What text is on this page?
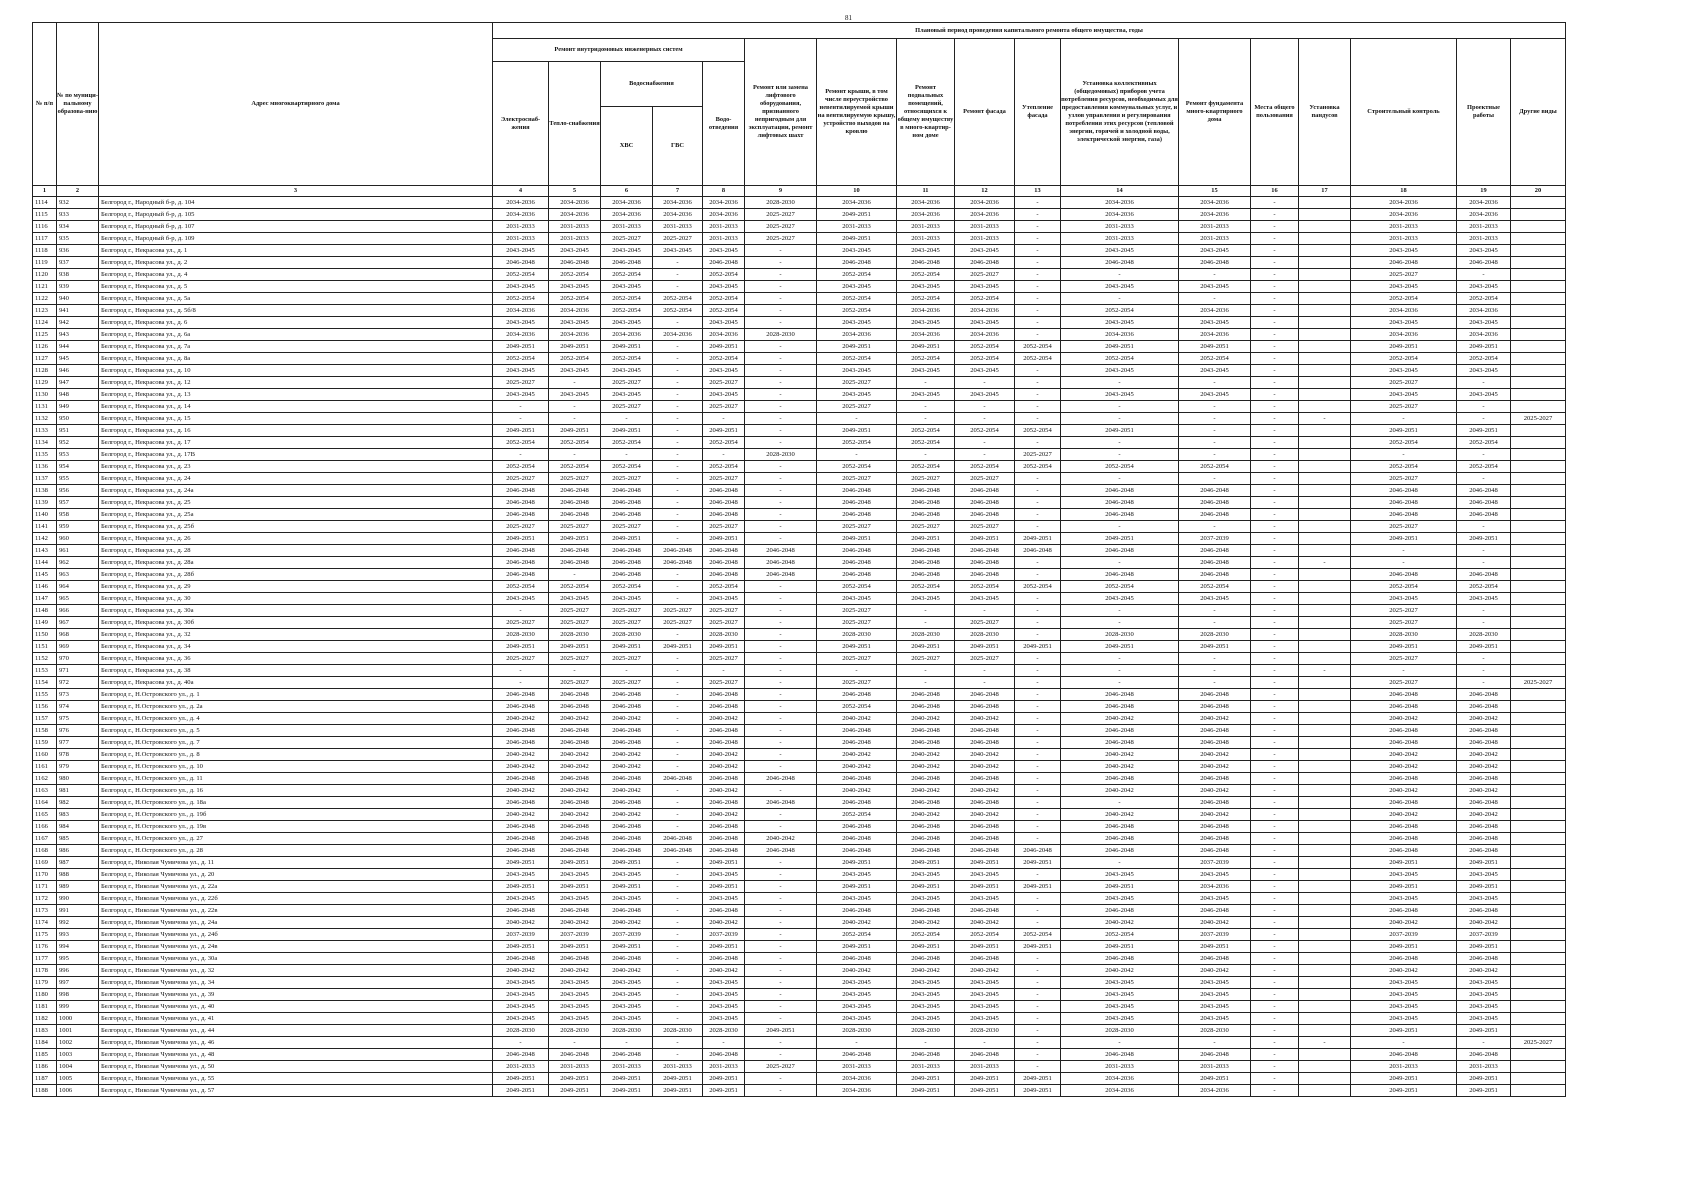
81
№ п/п	№ по муници-пальному образова-нию	Адрес многоквартирного дома	Плановый период проведения капитального ремонта общего имущества, годы																
			Ремонт внутридомовых инженерных систем					Ремонт или замена лифтового оборудования, признанного непригодным для эксплуатации, ремонт лифтовых шахт	Ремонт крыши, в том числе переустройство невентилируемой крыши на вентилируемую крышу, устройство выходов на кровлю	Ремонт подвальных помещений, относящихся к общему имуществу в много-квартир-ном доме	Ремонт фасада	Утепление фасада	Установка коллективных (общедомовых) приборов учета потребления ресурсов, необходимых для предоставления коммунальных услуг, и узлов управления и регулирования потребления этих ресурсов (тепловой энергии, горячей и холодной воды, электрической энергии, газа)	Ремонт фундамента много-квартирного дома	Места общего пользования	Установка пандусов	Строительный контроль	Проектные работы	Другие виды
			Электроснаб-жения	Тепло-снабжения	Водоснабжения		Водо-отведения												
					ХВС	ГВС													
1	2	3	4	5	6	7	8	9	10	11	12	13	14	15	16	17	18	19	20
1114	932	Белгород г., Народный б-р, д. 104	2034-2036	2034-2036	2034-2036	2034-2036	2034-2036	2028-2030	2034-2036	2034-2036	2034-2036	-	2034-2036	2034-2036	-		2034-2036	2034-2036	
1115	933	Белгород г., Народный б-р, д. 105	2034-2036	2034-2036	2034-2036	2034-2036	2034-2036	2025-2027	2049-2051	2034-2036	2034-2036	-	2034-2036	2034-2036	-		2034-2036	2034-2036	
1116	934	Белгород г., Народный б-р, д. 107	2031-2033	2031-2033	2031-2033	2031-2033	2031-2033	2025-2027	2031-2033	2031-2033	2031-2033	-	2031-2033	2031-2033	-		2031-2033	2031-2033	
1117	935	Белгород г., Народный б-р, д. 109	2031-2033	2031-2033	2025-2027	2025-2027	2031-2033	2025-2027	2049-2051	2031-2033	2031-2033	-	2031-2033	2031-2033	-		2031-2033	2031-2033	
1118	936	Белгород г., Некрасова ул., д. 1	2043-2045	2043-2045	2043-2045	2043-2045	2043-2045	-	2043-2045	2043-2045	2043-2045	-	2043-2045	2043-2045	-		2043-2045	2043-2045	
1119	937	Белгород г., Некрасова ул., д. 2	2046-2048	2046-2048	2046-2048	-	2046-2048	-	2046-2048	2046-2048	2046-2048	-	2046-2048	2046-2048	-		2046-2048	2046-2048	
1120	938	Белгород г., Некрасова ул., д. 4	2052-2054	2052-2054	2052-2054	-	2052-2054	-	2052-2054	2052-2054	2025-2027	-	-	-	-		2025-2027	-	
1121	939	Белгород г., Некрасова ул., д. 5	2043-2045	2043-2045	2043-2045	-	2043-2045	-	2043-2045	2043-2045	2043-2045	-	2043-2045	2043-2045	-		2043-2045	2043-2045	
1122	940	Белгород г., Некрасова ул., д. 5а	2052-2054	2052-2054	2052-2054	2052-2054	2052-2054	-	2052-2054	2052-2054	2052-2054	-	-	-	-		2052-2054	2052-2054	
1123	941	Белгород г., Некрасова ул., д. 5б/8	2034-2036	2034-2036	2052-2054	2052-2054	2052-2054	-	2052-2054	2034-2036	2034-2036	-	2052-2054	2034-2036	-		2034-2036	2034-2036	
1124	942	Белгород г., Некрасова ул., д. 6	2043-2045	2043-2045	2043-2045	-	2043-2045	-	2043-2045	2043-2045	2043-2045	-	2043-2045	2043-2045	-		2043-2045	2043-2045	
1125	943	Белгород г., Некрасова ул., д. 6а	2034-2036	2034-2036	2034-2036	2034-2036	2034-2036	2028-2030	2034-2036	2034-2036	2034-2036	-	2034-2036	2034-2036	-		2034-2036	2034-2036	
1126	944	Белгород г., Некрасова ул., д. 7а	2049-2051	2049-2051	2049-2051	-	2049-2051	-	2049-2051	2049-2051	2052-2054	2052-2054	2049-2051	2049-2051	-		2049-2051	2049-2051	
1127	945	Белгород г., Некрасова ул., д. 8а	2052-2054	2052-2054	2052-2054	-	2052-2054	-	2052-2054	2052-2054	2052-2054	2052-2054	2052-2054	2052-2054	-		2052-2054	2052-2054	
1128	946	Белгород г., Некрасова ул., д. 10	2043-2045	2043-2045	2043-2045	-	2043-2045	-	2043-2045	2043-2045	2043-2045	-	2043-2045	2043-2045	-		2043-2045	2043-2045	
1129	947	Белгород г., Некрасова ул., д. 12	2025-2027	-	2025-2027	-	2025-2027	-	2025-2027	-	-	-	-	-	-		2025-2027	-	
1130	948	Белгород г., Некрасова ул., д. 13	2043-2045	2043-2045	2043-2045	-	2043-2045	-	2043-2045	2043-2045	2043-2045	-	2043-2045	2043-2045	-		2043-2045	2043-2045	
1131	949	Белгород г., Некрасова ул., д. 14	-	-	2025-2027	-	2025-2027	-	2025-2027	-	-	-	-	-	-		2025-2027	-	
1132	950	Белгород г., Некрасова ул., д. 15	-	-	-	-	-	-	-	-	-	-	-	-	-	-	-	-	2025-2027
1133	951	Белгород г., Некрасова ул., д. 16	2049-2051	2049-2051	2049-2051	-	2049-2051	-	2049-2051	2052-2054	2052-2054	2052-2054	2049-2051	-	-		2049-2051	2049-2051	
1134	952	Белгород г., Некрасова ул., д. 17	2052-2054	2052-2054	2052-2054	-	2052-2054	-	2052-2054	2052-2054	-	-	-	-	-		2052-2054	2052-2054	
1135	953	Белгород г., Некрасова ул., д. 17В	-	-	-	-	-	2028-2030	-	-	-	2025-2027	-	-	-		-	-	
1136	954	Белгород г., Некрасова ул., д. 23	2052-2054	2052-2054	2052-2054	-	2052-2054	-	2052-2054	2052-2054	2052-2054	2052-2054	2052-2054	2052-2054	-		2052-2054	2052-2054	
1137	955	Белгород г., Некрасова ул., д. 24	2025-2027	2025-2027	2025-2027	-	2025-2027	-	2025-2027	2025-2027	2025-2027	-	-	-	-		2025-2027	-	
1138	956	Белгород г., Некрасова ул., д. 24а	2046-2048	2046-2048	2046-2048	-	2046-2048	-	2046-2048	2046-2048	2046-2048	-	2046-2048	2046-2048	-		2046-2048	2046-2048	
1139	957	Белгород г., Некрасова ул., д. 25	2046-2048	2046-2048	2046-2048	-	2046-2048	-	2046-2048	2046-2048	2046-2048	-	2046-2048	2046-2048	-		2046-2048	2046-2048	
1140	958	Белгород г., Некрасова ул., д. 25а	2046-2048	2046-2048	2046-2048	-	2046-2048	-	2046-2048	2046-2048	2046-2048	-	2046-2048	2046-2048	-		2046-2048	2046-2048	
1141	959	Белгород г., Некрасова ул., д. 25б	2025-2027	2025-2027	2025-2027	-	2025-2027	-	2025-2027	2025-2027	2025-2027	-	-	-	-		2025-2027	-	
1142	960	Белгород г., Некрасова ул., д. 26	2049-2051	2049-2051	2049-2051	-	2049-2051	-	2049-2051	2049-2051	2049-2051	2049-2051	2049-2051	2037-2039	-		2049-2051	2049-2051	
1143	961	Белгород г., Некрасова ул., д. 28	2046-2048	2046-2048	2046-2048	2046-2048	2046-2048	2046-2048	2046-2048	2046-2048	2046-2048	2046-2048	2046-2048	2046-2048	-		-	-	
1144	962	Белгород г., Некрасова ул., д. 28а	2046-2048	2046-2048	2046-2048	2046-2048	2046-2048	2046-2048	2046-2048	2046-2048	2046-2048	-	-	2046-2048	-	-	-	-	
1145	963	Белгород г., Некрасова ул., д. 28б	2046-2048	-	2046-2048	-	2046-2048	2046-2048	2046-2048	2046-2048	2046-2048	-	2046-2048	2046-2048	-		2046-2048	2046-2048	
1146	964	Белгород г., Некрасова ул., д. 29	2052-2054	2052-2054	2052-2054	-	2052-2054	-	2052-2054	2052-2054	2052-2054	2052-2054	2052-2054	2052-2054	-		2052-2054	2052-2054	
1147	965	Белгород г., Некрасова ул., д. 30	2043-2045	2043-2045	2043-2045	-	2043-2045	-	2043-2045	2043-2045	2043-2045	-	2043-2045	2043-2045	-		2043-2045	2043-2045	
1148	966	Белгород г., Некрасова ул., д. 30а	-	2025-2027	2025-2027	2025-2027	2025-2027	-	2025-2027	-	-	-	-	-	-		2025-2027	-	
1149	967	Белгород г., Некрасова ул., д. 30б	2025-2027	2025-2027	2025-2027	2025-2027	2025-2027	-	2025-2027	-	2025-2027	-	-	-	-		2025-2027	-	
1150	968	Белгород г., Некрасова ул., д. 32	2028-2030	2028-2030	2028-2030	-	2028-2030	-	2028-2030	2028-2030	2028-2030	-	2028-2030	2028-2030	-		2028-2030	2028-2030	
1151	969	Белгород г., Некрасова ул., д. 34	2049-2051	2049-2051	2049-2051	2049-2051	2049-2051	-	2049-2051	2049-2051	2049-2051	2049-2051	2049-2051	2049-2051	-		2049-2051	2049-2051	
1152	970	Белгород г., Некрасова ул., д. 36	2025-2027	2025-2027	2025-2027	-	2025-2027	-	2025-2027	2025-2027	2025-2027	-	-	-	-		2025-2027	-	
1153	971	Белгород г., Некрасова ул., д. 38	-	-	-	-	-	-	-	-	-	-	-	-	-	-	-	-	
1154	972	Белгород г., Некрасова ул., д. 40а	-	2025-2027	2025-2027	-	2025-2027	-	2025-2027	-	-	-	-	-	-		2025-2027	-	2025-2027
1155	973	Белгород г., Н.Островского ул., д. 1	2046-2048	2046-2048	2046-2048	-	2046-2048	-	2046-2048	2046-2048	2046-2048	-	2046-2048	2046-2048	-		2046-2048	2046-2048	
1156	974	Белгород г., Н.Островского ул., д. 2а	2046-2048	2046-2048	2046-2048	-	2046-2048	-	2052-2054	2046-2048	2046-2048	-	2046-2048	2046-2048	-		2046-2048	2046-2048	
1157	975	Белгород г., Н.Островского ул., д. 4	2040-2042	2040-2042	2040-2042	-	2040-2042	-	2040-2042	2040-2042	2040-2042	-	2040-2042	2040-2042	-		2040-2042	2040-2042	
1158	976	Белгород г., Н.Островского ул., д. 5	2046-2048	2046-2048	2046-2048	-	2046-2048	-	2046-2048	2046-2048	2046-2048	-	2046-2048	2046-2048	-		2046-2048	2046-2048	
1159	977	Белгород г., Н.Островского ул., д. 7	2046-2048	2046-2048	2046-2048	-	2046-2048	-	2046-2048	2046-2048	2046-2048	-	2046-2048	2046-2048	-		2046-2048	2046-2048	
1160	978	Белгород г., Н.Островского ул., д. 8	2040-2042	2040-2042	2040-2042	-	2040-2042	-	2040-2042	2040-2042	2040-2042	-	2040-2042	2040-2042	-		2040-2042	2040-2042	
1161	979	Белгород г., Н.Островского ул., д. 10	2040-2042	2040-2042	2040-2042	-	2040-2042	-	2040-2042	2040-2042	2040-2042	-	2040-2042	2040-2042	-		2040-2042	2040-2042	
1162	980	Белгород г., Н.Островского ул., д. 11	2046-2048	2046-2048	2046-2048	2046-2048	2046-2048	2046-2048	2046-2048	2046-2048	2046-2048	-	2046-2048	2046-2048	-		2046-2048	2046-2048	
1163	981	Белгород г., Н.Островского ул., д. 16	2040-2042	2040-2042	2040-2042	-	2040-2042	-	2040-2042	2040-2042	2040-2042	-	2040-2042	2040-2042	-		2040-2042	2040-2042	
1164	982	Белгород г., Н.Островского ул., д. 18а	2046-2048	2046-2048	2046-2048	-	2046-2048	2046-2048	2046-2048	2046-2048	2046-2048	-	-	2046-2048	-		2046-2048	2046-2048	
1165	983	Белгород г., Н.Островского ул., д. 19б	2040-2042	2040-2042	2040-2042	-	2040-2042	-	2052-2054	2040-2042	2040-2042	-	2040-2042	2040-2042	-		2040-2042	2040-2042	
1166	984	Белгород г., Н.Островского ул., д. 19в	2046-2048	2046-2048	2046-2048	-	2046-2048	-	2046-2048	2046-2048	2046-2048	-	2046-2048	2046-2048	-		2046-2048	2046-2048	
1167	985	Белгород г., Н.Островского ул., д. 27	2046-2048	2046-2048	2046-2048	2046-2048	2046-2048	2040-2042	2046-2048	2046-2048	2046-2048	-	2046-2048	2046-2048	-		2046-2048	2046-2048	
1168	986	Белгород г., Н.Островского ул., д. 28	2046-2048	2046-2048	2046-2048	2046-2048	2046-2048	2046-2048	2046-2048	2046-2048	2046-2048	2046-2048	2046-2048	2046-2048	-		2046-2048	2046-2048	
1169	987	Белгород г., Николая Чумичова ул., д. 11	2049-2051	2049-2051	2049-2051	-	2049-2051	-	2049-2051	2049-2051	2049-2051	2049-2051	-	2037-2039	-		2049-2051	2049-2051	
1170	988	Белгород г., Николая Чумичова ул., д. 20	2043-2045	2043-2045	2043-2045	-	2043-2045	-	2043-2045	2043-2045	2043-2045	-	2043-2045	2043-2045	-		2043-2045	2043-2045	
1171	989	Белгород г., Николая Чумичова ул., д. 22а	2049-2051	2049-2051	2049-2051	-	2049-2051	-	2049-2051	2049-2051	2049-2051	2049-2051	2049-2051	2034-2036	-		2049-2051	2049-2051	
1172	990	Белгород г., Николая Чумичова ул., д. 22б	2043-2045	2043-2045	2043-2045	-	2043-2045	-	2043-2045	2043-2045	2043-2045	-	2043-2045	2043-2045	-		2043-2045	2043-2045	
1173	991	Белгород г., Николая Чумичова ул., д. 22в	2046-2048	2046-2048	2046-2048	-	2046-2048	-	2046-2048	2046-2048	2046-2048	-	2046-2048	2046-2048	-		2046-2048	2046-2048	
1174	992	Белгород г., Николая Чумичова ул., д. 24а	2040-2042	2040-2042	2040-2042	-	2040-2042	-	2040-2042	2040-2042	2040-2042	-	2040-2042	2040-2042	-		2040-2042	2040-2042	
1175	993	Белгород г., Николая Чумичова ул., д. 24б	2037-2039	2037-2039	2037-2039	-	2037-2039	-	2052-2054	2052-2054	2052-2054	2052-2054	2052-2054	2037-2039	-		2037-2039	2037-2039	
1176	994	Белгород г., Николая Чумичова ул., д. 24в	2049-2051	2049-2051	2049-2051	-	2049-2051	-	2049-2051	2049-2051	2049-2051	2049-2051	2049-2051	2049-2051	-		2049-2051	2049-2051	
1177	995	Белгород г., Николая Чумичова ул., д. 30а	2046-2048	2046-2048	2046-2048	-	2046-2048	-	2046-2048	2046-2048	2046-2048	-	2046-2048	2046-2048	-		2046-2048	2046-2048	
1178	996	Белгород г., Николая Чумичова ул., д. 32	2040-2042	2040-2042	2040-2042	-	2040-2042	-	2040-2042	2040-2042	2040-2042	-	2040-2042	2040-2042	-		2040-2042	2040-2042	
1179	997	Белгород г., Николая Чумичова ул., д. 34	2043-2045	2043-2045	2043-2045	-	2043-2045	-	2043-2045	2043-2045	2043-2045	-	2043-2045	2043-2045	-		2043-2045	2043-2045	
1180	998	Белгород г., Николая Чумичова ул., д. 39	2043-2045	2043-2045	2043-2045	-	2043-2045	-	2043-2045	2043-2045	2043-2045	-	2043-2045	2043-2045	-		2043-2045	2043-2045	
1181	999	Белгород г., Николая Чумичова ул., д. 40	2043-2045	2043-2045	2043-2045	-	2043-2045	-	2043-2045	2043-2045	2043-2045	-	2043-2045	2043-2045	-		2043-2045	2043-2045	
1182	1000	Белгород г., Николая Чумичова ул., д. 41	2043-2045	2043-2045	2043-2045	-	2043-2045	-	2043-2045	2043-2045	2043-2045	-	2043-2045	2043-2045	-		2043-2045	2043-2045	
1183	1001	Белгород г., Николая Чумичова ул., д. 44	2028-2030	2028-2030	2028-2030	2028-2030	2028-2030	2049-2051	2028-2030	2028-2030	2028-2030	-	2028-2030	2028-2030	-		2049-2051	2049-2051	
1184	1002	Белгород г., Николая Чумичова ул., д. 46	-	-	-	-	-	-	-	-	-	-	-	-	-	-	-	-	2025-2027
1185	1003	Белгород г., Николая Чумичова ул., д. 48	2046-2048	2046-2048	2046-2048	-	2046-2048	-	2046-2048	2046-2048	2046-2048	-	2046-2048	2046-2048	-		2046-2048	2046-2048	
1186	1004	Белгород г., Николая Чумичова ул., д. 50	2031-2033	2031-2033	2031-2033	2031-2033	2031-2033	2025-2027	2031-2033	2031-2033	2031-2033	-	2031-2033	2031-2033	-		2031-2033	2031-2033	
1187	1005	Белгород г., Николая Чумичова ул., д. 55	2049-2051	2049-2051	2049-2051	2049-2051	2049-2051	-	2034-2036	2049-2051	2049-2051	2049-2051	2034-2036	2049-2051	-		2049-2051	2049-2051	
1188	1006	Белгород г., Николая Чумичова ул., д. 57	2049-2051	2049-2051	2049-2051	2049-2051	2049-2051	-	2034-2036	2049-2051	2049-2051	2049-2051	2034-2036	2034-2036	-		2049-2051	2049-2051	
